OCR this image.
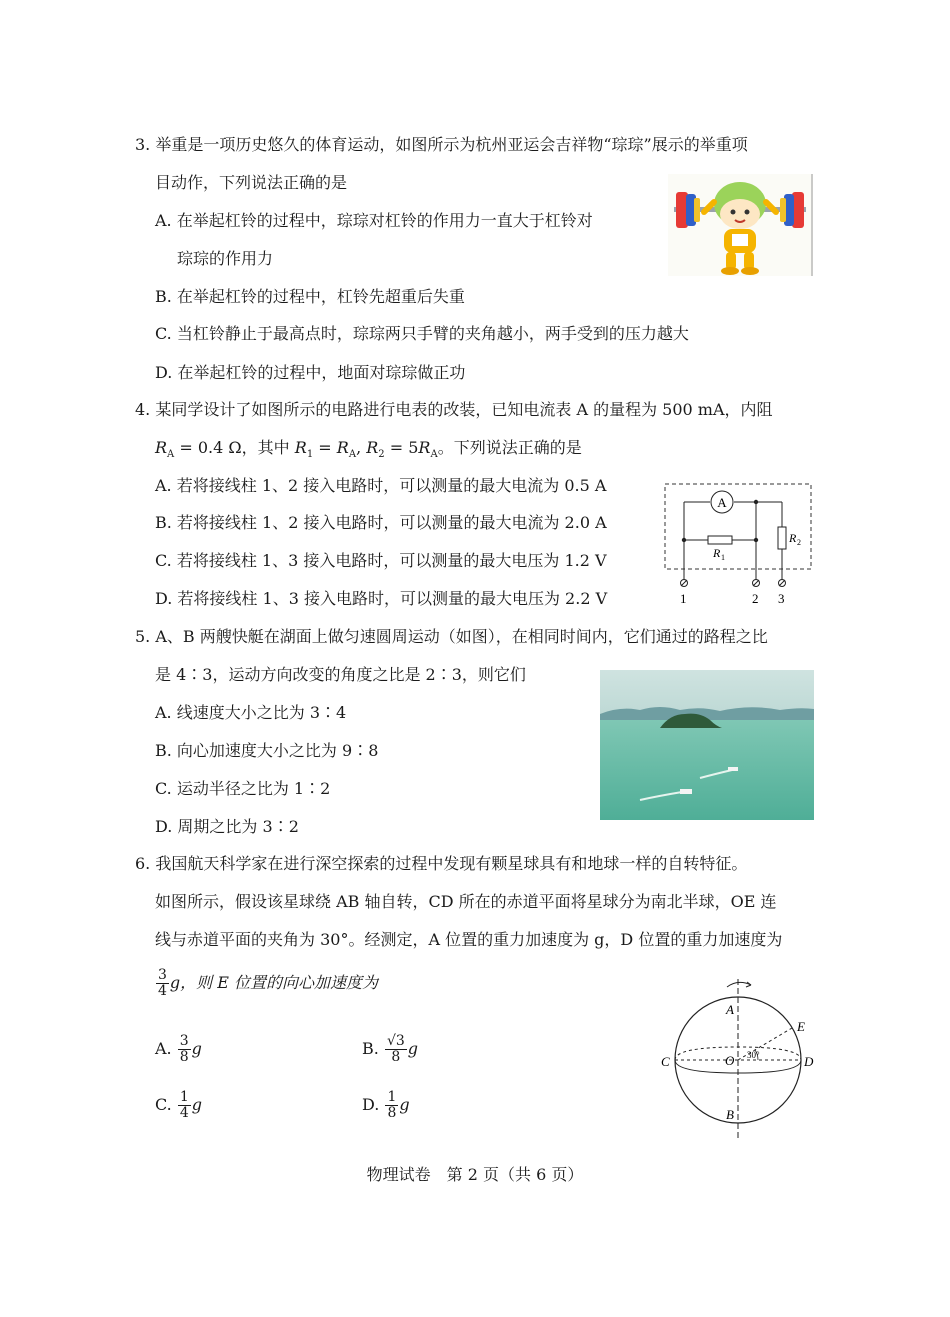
3. 举重是一项历史悠久的体育运动，如图所示为杭州亚运会吉祥物“琮琮”展示的举重项
目动作，下列说法正确的是
A. 在举起杠铃的过程中，琮琮对杠铃的作用力一直大于杠铃对
琮琮的作用力
B. 在举起杠铃的过程中，杠铃先超重后失重
C. 当杠铃静止于最高点时，琮琮两只手臂的夹角越小，两手受到的压力越大
D. 在举起杠铃的过程中，地面对琮琮做正功
4. 某同学设计了如图所示的电路进行电表的改装，已知电流表 A 的量程为 500 mA，内阻
$R_A = 0.4$ Ω，其中 $R_1 = R_A$, $R_2 = 5R_A$。下列说法正确的是
A. 若将接线柱 1、2 接入电路时，可以测量的最大电流为 0.5 A
B. 若将接线柱 1、2 接入电路时，可以测量的最大电流为 2.0 A
C. 若将接线柱 1、3 接入电路时，可以测量的最大电压为 1.2 V
D. 若将接线柱 1、3 接入电路时，可以测量的最大电压为 2.2 V
A
R 1
R 2
1	2 3
5. A、B 两艘快艇在湖面上做匀速圆周运动（如图），在相同时间内，它们通过的路程之比
是 4∶3，运动方向改变的角度之比是 2∶3，则它们
A. 线速度大小之比为 3∶4
B. 向心加速度大小之比为 9∶8
C. 运动半径之比为 1∶2
D. 周期之比为 3∶2
6. 我国航天科学家在进行深空探索的过程中发现有颗星球具有和地球一样的自转特征。
如图所示，假设该星球绕 AB 轴自转，CD 所在的赤道平面将星球分为南北半球，OE 连
线与赤道平面的夹角为 30°。经测定，A 位置的重力加速度为 g，D 位置的重力加速度为
$\frac{3}{4}$ g，则 E 位置的向心加速度为
A. $\frac{3}{8}$ g	B. $\frac{√3}{8}$ g
C. $\frac{1}{4}$ g	D. $\frac{1}{8}$ g
A
B
C	D
E
O 30°
物理试卷　第 2 页（共 6 页）
